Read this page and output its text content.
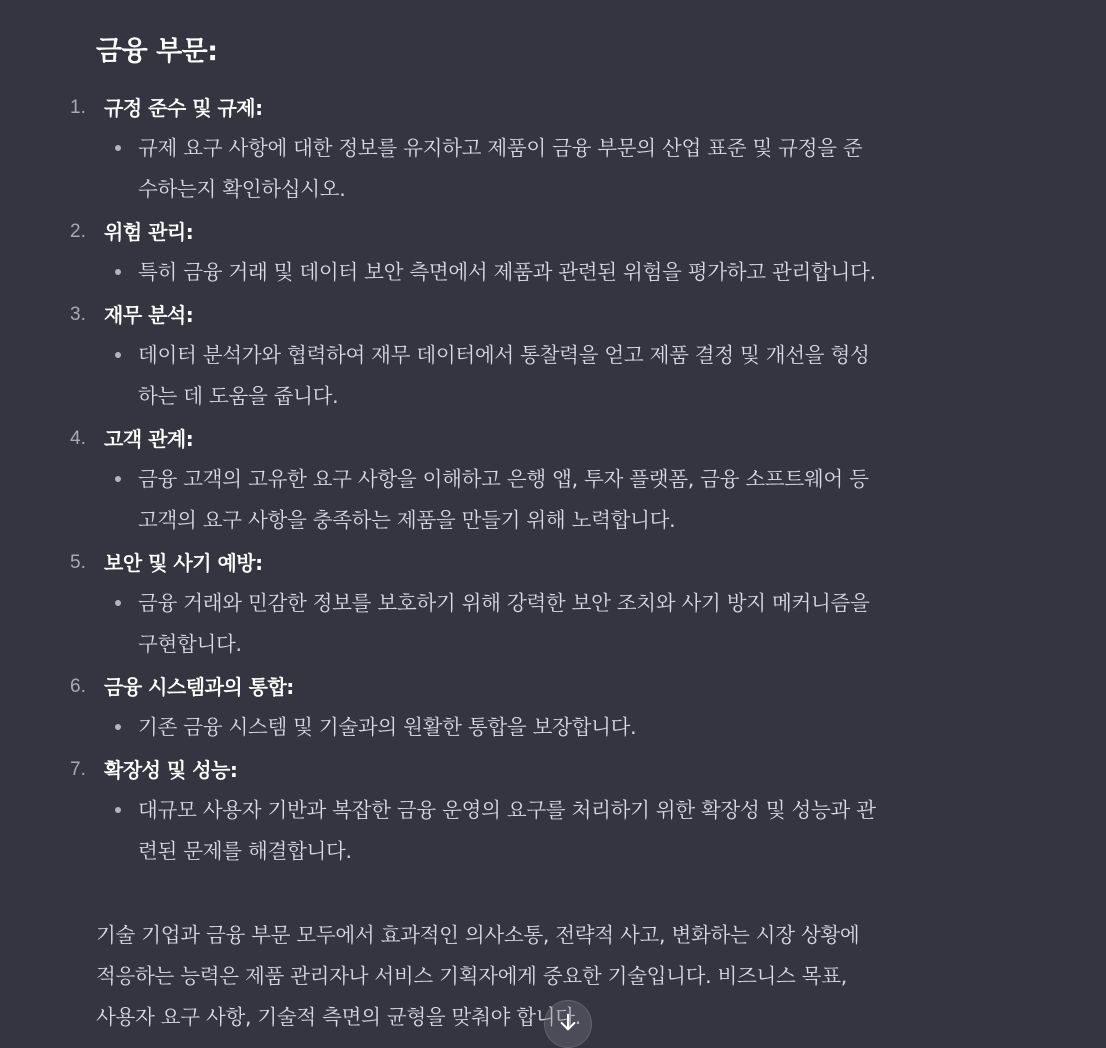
금융 부문:
1. 규정 준수 및 규제:
규제 요구 사항에 대한 정보를 유지하고 제품이 금융 부문의 산업 표준 및 규정을 준
수하는지 확인하십시오.
2. 위험 관리:
특히 금융 거래 및 데이터 보안 측면에서 제품과 관련된 위험을 평가하고 관리합니다.
3. 재무 분석:
데이터 분석가와 협력하여 재무 데이터에서 통찰력을 얻고 제품 결정 및 개선을 형성
하는 데 도움을 줍니다.
4. 고객 관계:
금융 고객의 고유한 요구 사항을 이해하고 은행 앱, 투자 플랫폼, 금융 소프트웨어 등
고객의 요구 사항을 충족하는 제품을 만들기 위해 노력합니다.
5. 보안 및 사기 예방:
금융 거래와 민감한 정보를 보호하기 위해 강력한 보안 조치와 사기 방지 메커니즘을
구현합니다.
6. 금융 시스템과의 통합:
기존 금융 시스템 및 기술과의 원활한 통합을 보장합니다.
7. 확장성 및 성능:
대규모 사용자 기반과 복잡한 금융 운영의 요구를 처리하기 위한 확장성 및 성능과 관
련된 문제를 해결합니다.
기술 기업과 금융 부문 모두에서 효과적인 의사소통, 전략적 사고, 변화하는 시장 상황에
적응하는 능력은 제품 관리자나 서비스 기획자에게 중요한 기술입니다. 비즈니스 목표,
사용자 요구 사항, 기술적 측면의 균형을 맞춰야 합니다.
